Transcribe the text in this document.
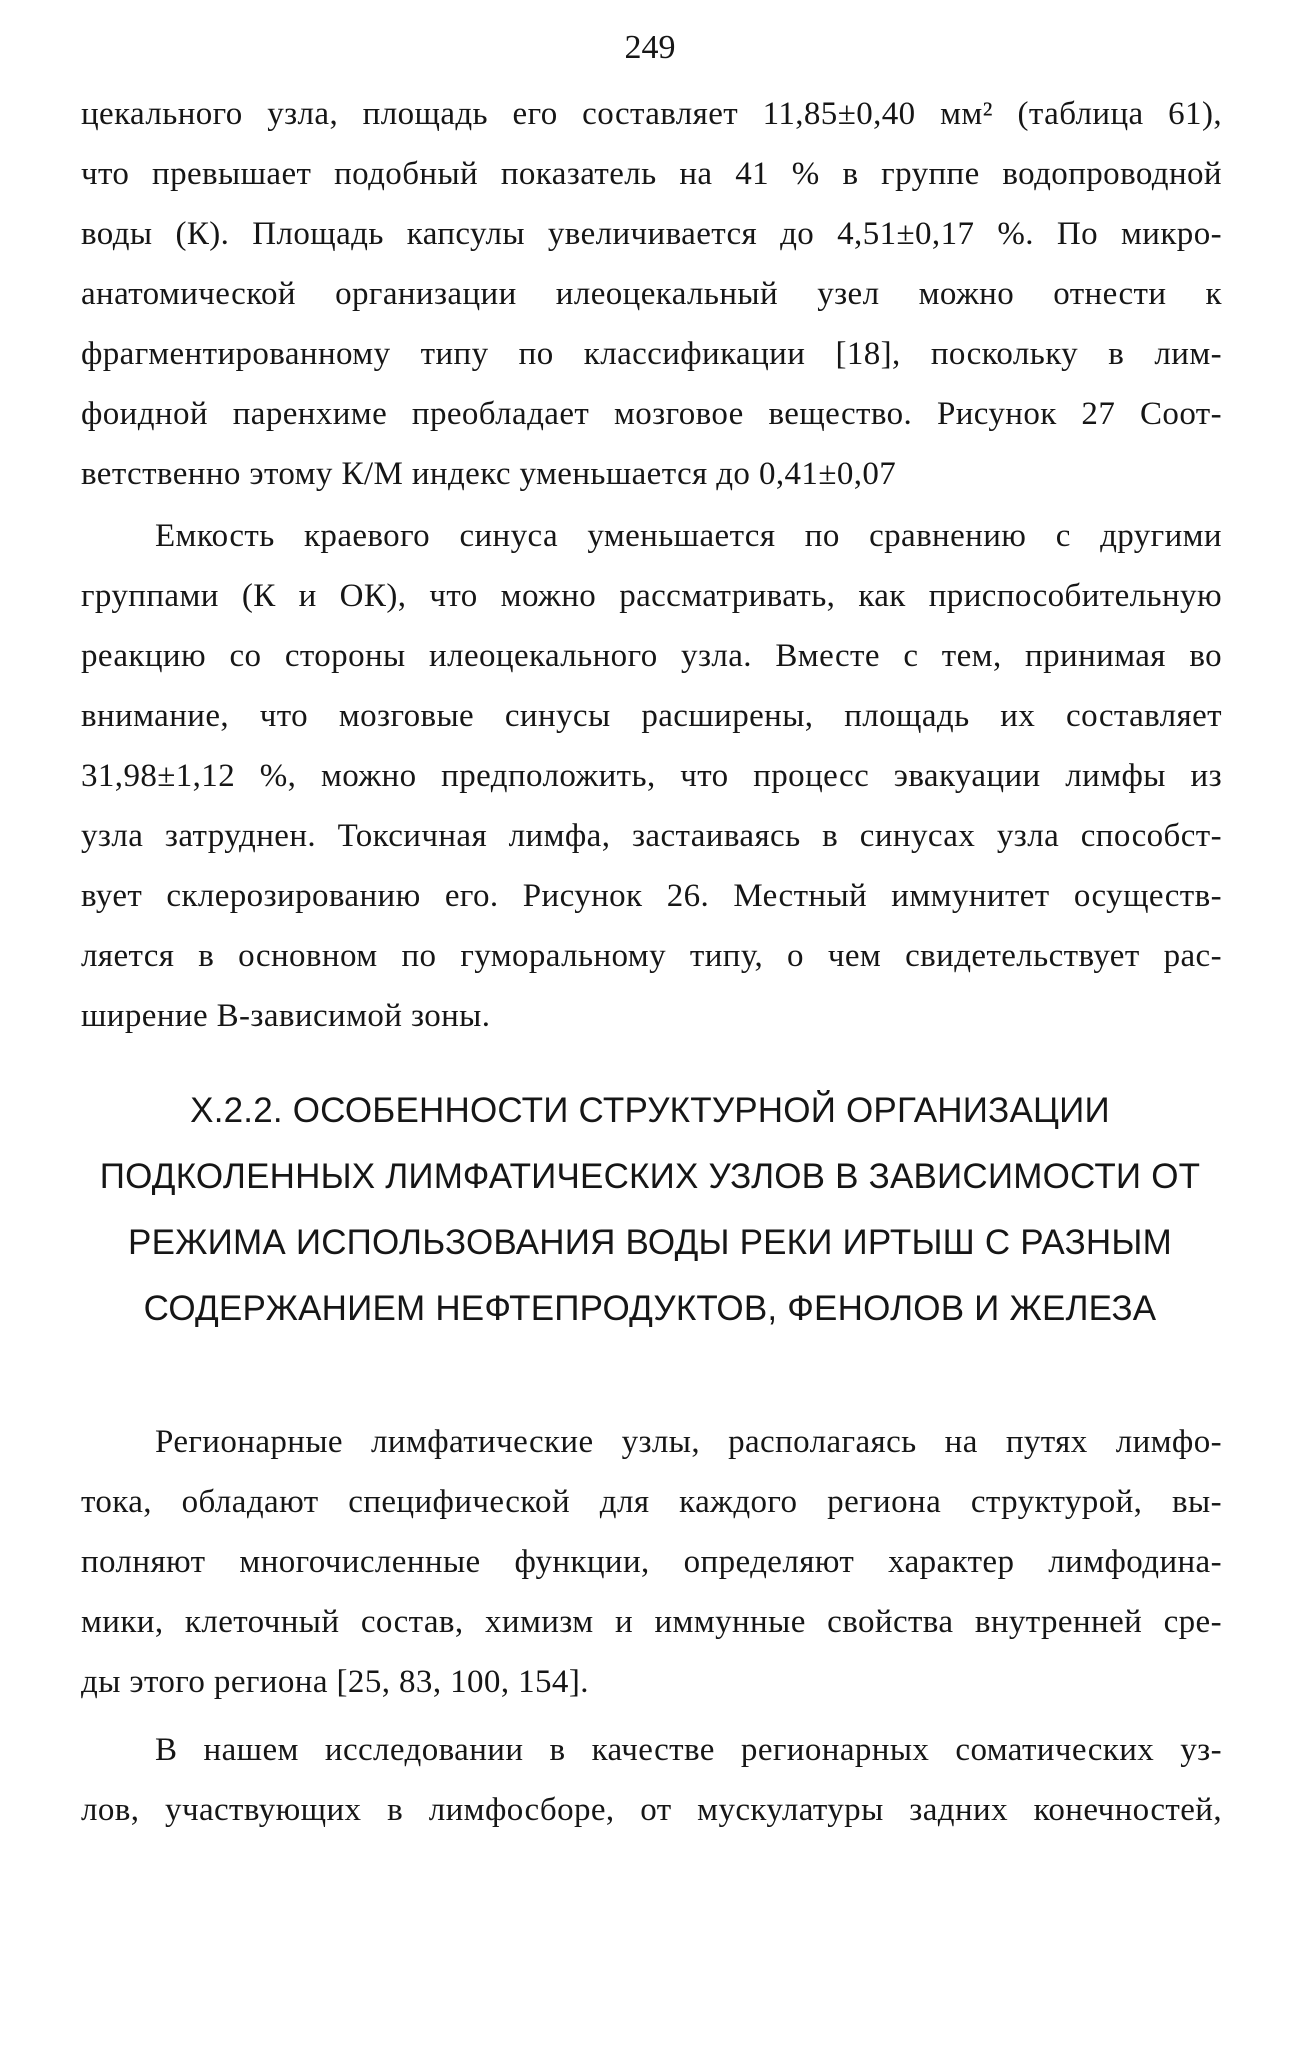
249
цекального узла, площадь его составляет 11,85±0,40 мм² (таблица 61),
что превышает подобный показатель на 41 % в группе водопроводной
воды (К). Площадь капсулы увеличивается до 4,51±0,17 %. По микро-
анатомической организации илеоцекальный узел можно отнести к
фрагментированному типу по классификации [18], поскольку в лим-
фоидной паренхиме преобладает мозговое вещество. Рисунок 27 Соот-
ветственно этому К/М индекс уменьшается до 0,41±0,07
Емкость краевого синуса уменьшается по сравнению с другими
группами (К и ОК), что можно рассматривать, как приспособительную
реакцию со стороны илеоцекального узла. Вместе с тем, принимая во
внимание, что мозговые синусы расширены, площадь их составляет
31,98±1,12 %, можно предположить, что процесс эвакуации лимфы из
узла затруднен. Токсичная лимфа, застаиваясь в синусах узла способст-
вует склерозированию его. Рисунок 26. Местный иммунитет осуществ-
ляется в основном по гуморальному типу, о чем свидетельствует рас-
ширение В-зависимой зоны.
X.2.2. ОСОБЕННОСТИ СТРУКТУРНОЙ ОРГАНИЗАЦИИ
ПОДКОЛЕННЫХ ЛИМФАТИЧЕСКИХ УЗЛОВ В ЗАВИСИМОСТИ ОТ
РЕЖИМА ИСПОЛЬЗОВАНИЯ ВОДЫ РЕКИ ИРТЫШ С РАЗНЫМ
СОДЕРЖАНИЕМ НЕФТЕПРОДУКТОВ, ФЕНОЛОВ И ЖЕЛЕЗА
Регионарные лимфатические узлы, располагаясь на путях лимфо-
тока, обладают специфической для каждого региона структурой, вы-
полняют многочисленные функции, определяют характер лимфодина-
мики, клеточный состав, химизм и иммунные свойства внутренней сре-
ды этого региона [25, 83, 100, 154].
В нашем исследовании в качестве регионарных соматических уз-
лов, участвующих в лимфосборе, от мускулатуры задних конечностей,
